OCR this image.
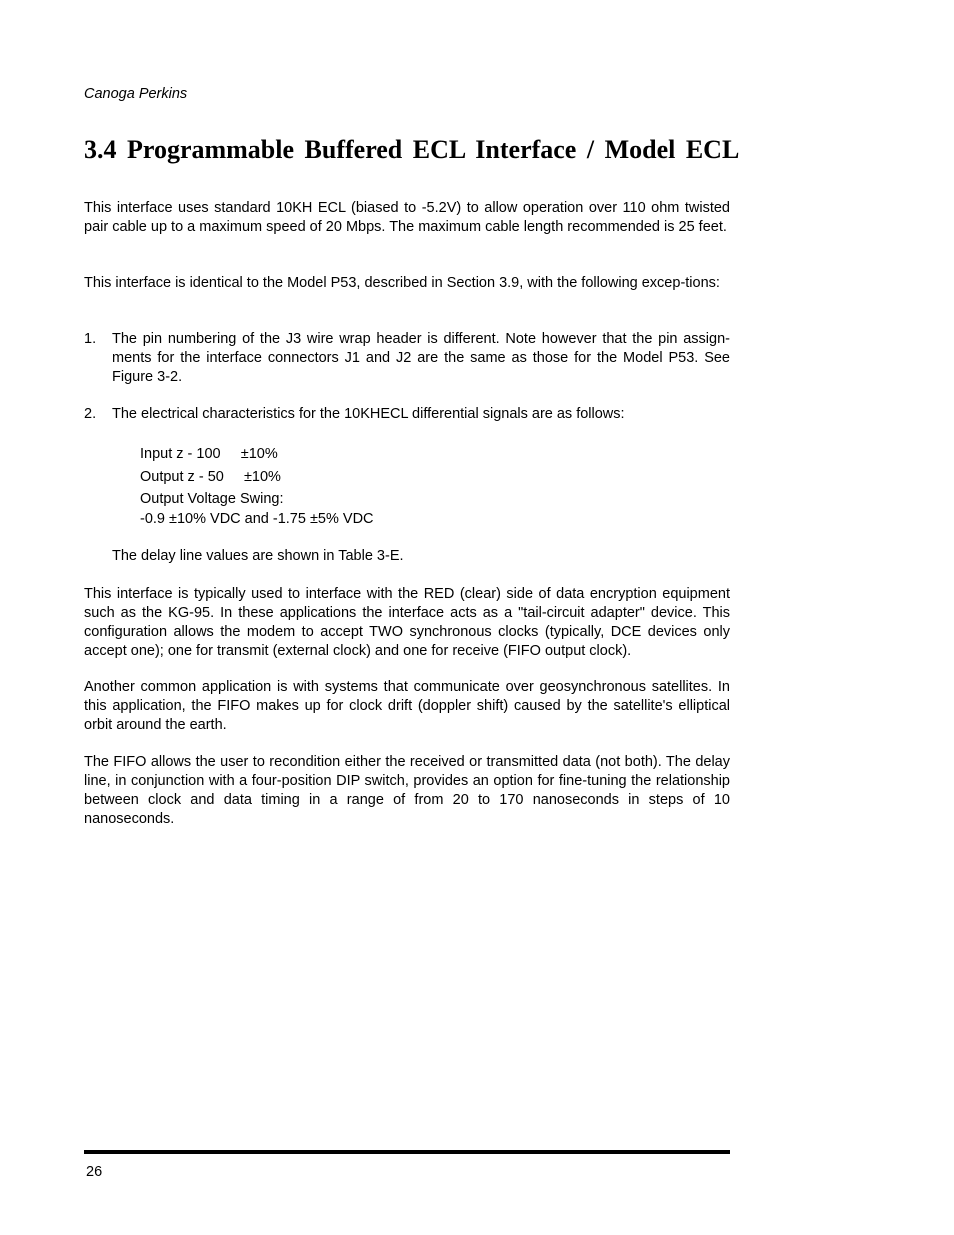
Canoga Perkins
3.4 Programmable Buffered ECL Interface / Model ECL

This interface uses standard 10KH ECL (biased to -5.2V) to allow operation over 110 ohm twisted pair cable up to a maximum speed of 20 Mbps. The maximum cable length recommended is 25 feet.

This interface is identical to the Model P53, described in Section 3.9, with the following excep-tions:

1. The pin numbering of the J3 wire wrap header is different. Note however that the pin assign-ments for the interface connectors J1 and J2 are the same as those for the Model P53. See Figure 3-2.
2. The electrical characteristics for the 10KHECL differential signals are as follows:
Input z - 100     ±10%
Output z - 50     ±10%
Output Voltage Swing:
-0.9 ±10% VDC and -1.75 ±5% VDC
The delay line values are shown in Table 3-E.

This interface is typically used to interface with the RED (clear) side of data encryption equipment such as the KG-95. In these applications the interface acts as a "tail-circuit adapter" device. This configuration allows the modem to accept TWO synchronous clocks (typically, DCE devices only accept one); one for transmit (external clock) and one for receive (FIFO output clock).

Another common application is with systems that communicate over geosynchronous satellites. In this application, the FIFO makes up for clock drift (doppler shift) caused by the satellite's elliptical orbit around the earth.

The FIFO allows the user to recondition either the received or transmitted data (not both). The delay line, in conjunction with a four-position DIP switch, provides an option for fine-tuning the relationship between clock and data timing in a range of from 20 to 170 nanoseconds in steps of 10 nanoseconds.

26
